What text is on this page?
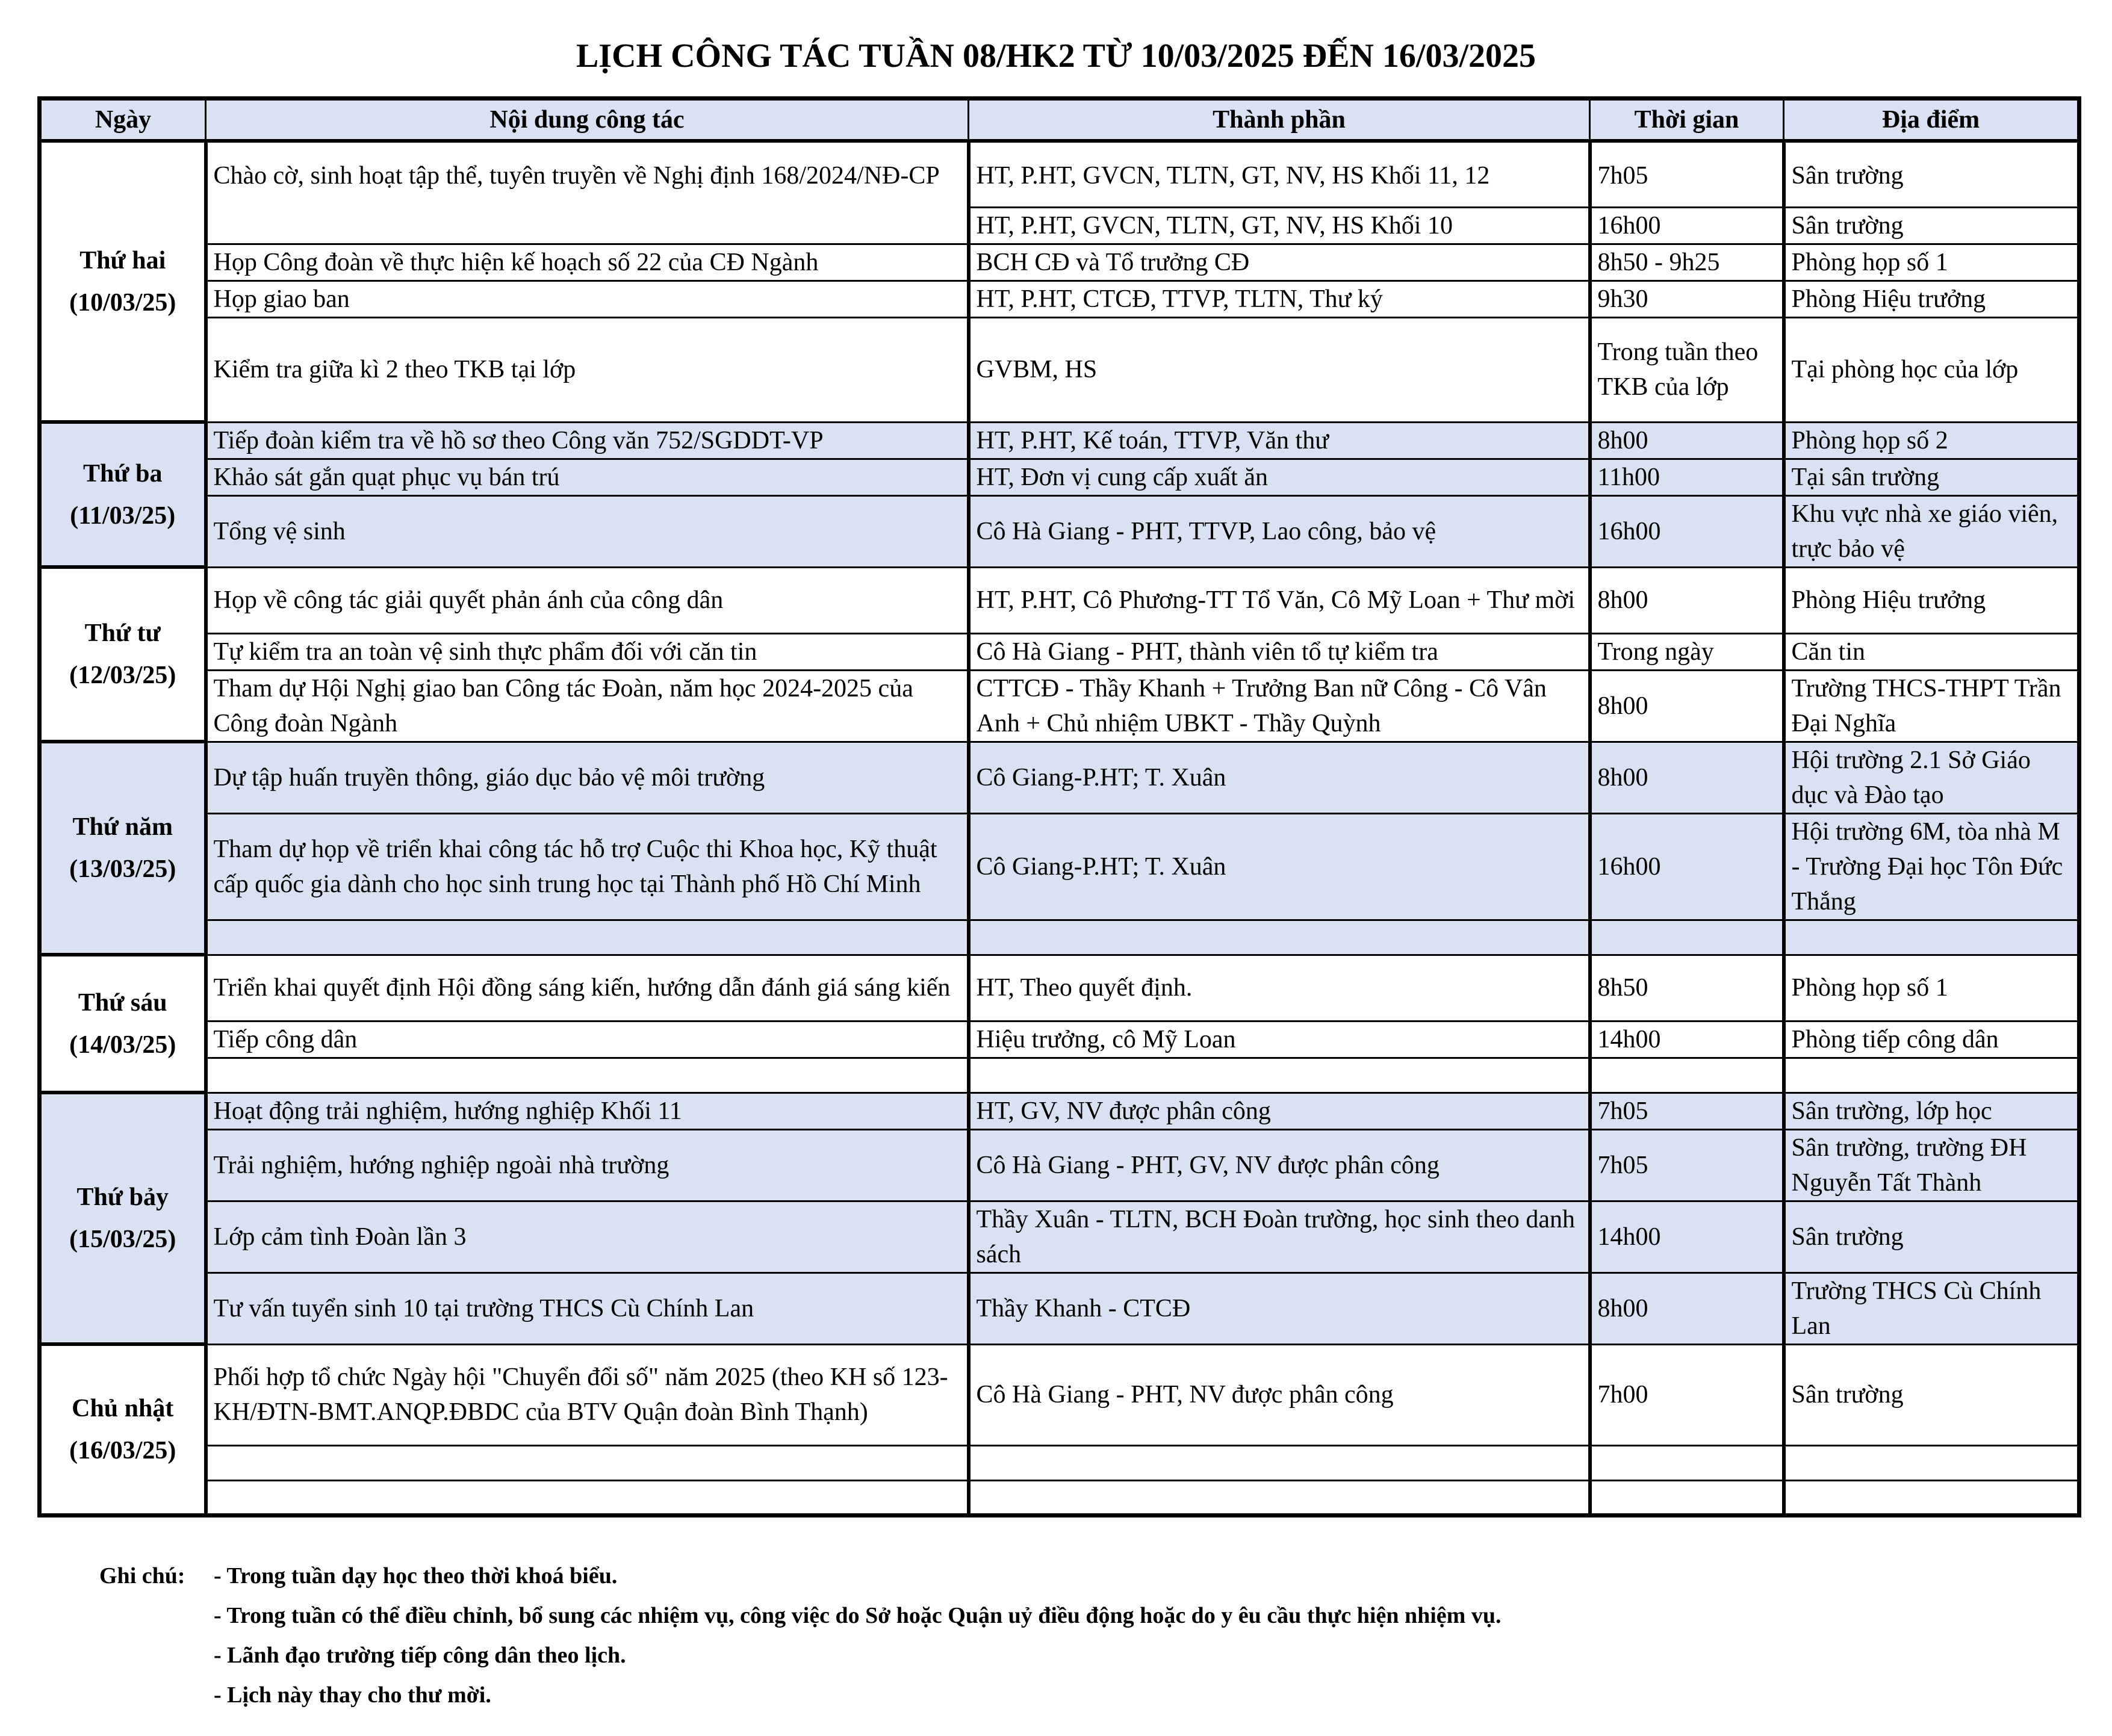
LỊCH CÔNG TÁC TUẦN 08/HK2 TỪ 10/03/2025 ĐẾN 16/03/2025
Ngày	Nội dung công tác	Thành phần	Thời gian	Địa điểm

Thứ hai
(10/03/25)	Chào cờ, sinh hoạt tập thể, tuyên truyền về Nghị định 168/2024/NĐ-CP	HT, P.HT, GVCN, TLTN, GT, NV, HS Khối 11, 12	7h05	Sân trường
		HT, P.HT, GVCN, TLTN, GT, NV, HS Khối 10	16h00	Sân trường
	Họp Công đoàn về thực hiện kế hoạch số 22 của CĐ Ngành	BCH CĐ và Tổ trưởng CĐ	8h50 - 9h25	Phòng họp số 1
	Họp giao ban	HT, P.HT, CTCĐ, TTVP, TLTN, Thư ký	9h30	Phòng Hiệu trưởng
	Kiểm tra giữa kì 2 theo TKB tại lớp	GVBM, HS	Trong tuần theo TKB của lớp	Tại phòng học của lớp

Thứ ba
(11/03/25)	Tiếp đoàn kiểm tra về hồ sơ theo Công văn 752/SGDDT-VP	HT, P.HT, Kế toán, TTVP, Văn thư	8h00	Phòng họp số 2
	Khảo sát gắn quạt phục vụ bán trú	HT, Đơn vị cung cấp xuất ăn	11h00	Tại sân trường
	Tổng vệ sinh	Cô Hà Giang - PHT, TTVP, Lao công, bảo vệ	16h00	Khu vực nhà xe giáo viên, trực bảo vệ

Thứ tư
(12/03/25)	Họp về công tác giải quyết phản ánh của công dân	HT, P.HT, Cô Phương-TT Tổ Văn, Cô Mỹ Loan + Thư mời	8h00	Phòng Hiệu trưởng
	Tự kiểm tra an toàn vệ sinh thực phẩm đối với căn tin	Cô Hà Giang - PHT, thành viên tổ tự kiểm tra	Trong ngày	Căn tin
	Tham dự Hội Nghị giao ban Công tác Đoàn, năm học 2024-2025 của Công đoàn Ngành	CTTCĐ - Thầy Khanh + Trưởng Ban nữ Công - Cô Vân Anh + Chủ nhiệm UBKT - Thầy Quỳnh	8h00	Trường THCS-THPT Trần Đại Nghĩa

Thứ năm
(13/03/25)	Dự tập huấn truyền thông, giáo dục bảo vệ môi trường	Cô Giang-P.HT; T. Xuân	8h00	Hội trường 2.1 Sở Giáo dục và Đào tạo
	Tham dự họp về triển khai công tác hỗ trợ Cuộc thi Khoa học, Kỹ thuật cấp quốc gia dành cho học sinh trung học tại Thành phố Hồ Chí Minh	Cô Giang-P.HT; T. Xuân	16h00	Hội trường 6M, tòa nhà M - Trường Đại học Tôn Đức Thắng

Thứ sáu
(14/03/25)	Triển khai quyết định Hội đồng sáng kiến, hướng dẫn đánh giá sáng kiến	HT, Theo quyết định.	8h50	Phòng họp số 1
	Tiếp công dân	Hiệu trưởng, cô Mỹ Loan	14h00	Phòng tiếp công dân

Thứ bảy
(15/03/25)	Hoạt động trải nghiệm, hướng nghiệp Khối 11	HT, GV, NV được phân công	7h05	Sân trường, lớp học
	Trải nghiệm, hướng nghiệp ngoài nhà trường	Cô Hà Giang - PHT, GV, NV được phân công	7h05	Sân trường, trường ĐH Nguyễn Tất Thành
	Lớp cảm tình Đoàn lần 3	Thầy Xuân - TLTN, BCH Đoàn trường, học sinh theo danh sách	14h00	Sân trường
	Tư vấn tuyển sinh 10 tại trường THCS Cù Chính Lan	Thầy Khanh - CTCĐ	8h00	Trường THCS Cù Chính Lan

Chủ nhật
(16/03/25)	Phối hợp tổ chức Ngày hội "Chuyển đổi số" năm 2025 (theo KH số 123-KH/ĐTN-BMT.ANQP.ĐBDC của BTV Quận đoàn Bình Thạnh)	Cô Hà Giang - PHT, NV được phân công	7h00	Sân trường

Ghi chú:	- Trong tuần dạy học theo thời khoá biểu.
- Trong tuần có thể điều chỉnh, bổ sung các nhiệm vụ, công việc do Sở hoặc Quận uỷ điều động hoặc do y êu cầu thực hiện nhiệm vụ.
- Lãnh đạo trường tiếp công dân theo lịch.
- Lịch này thay cho thư mời.
